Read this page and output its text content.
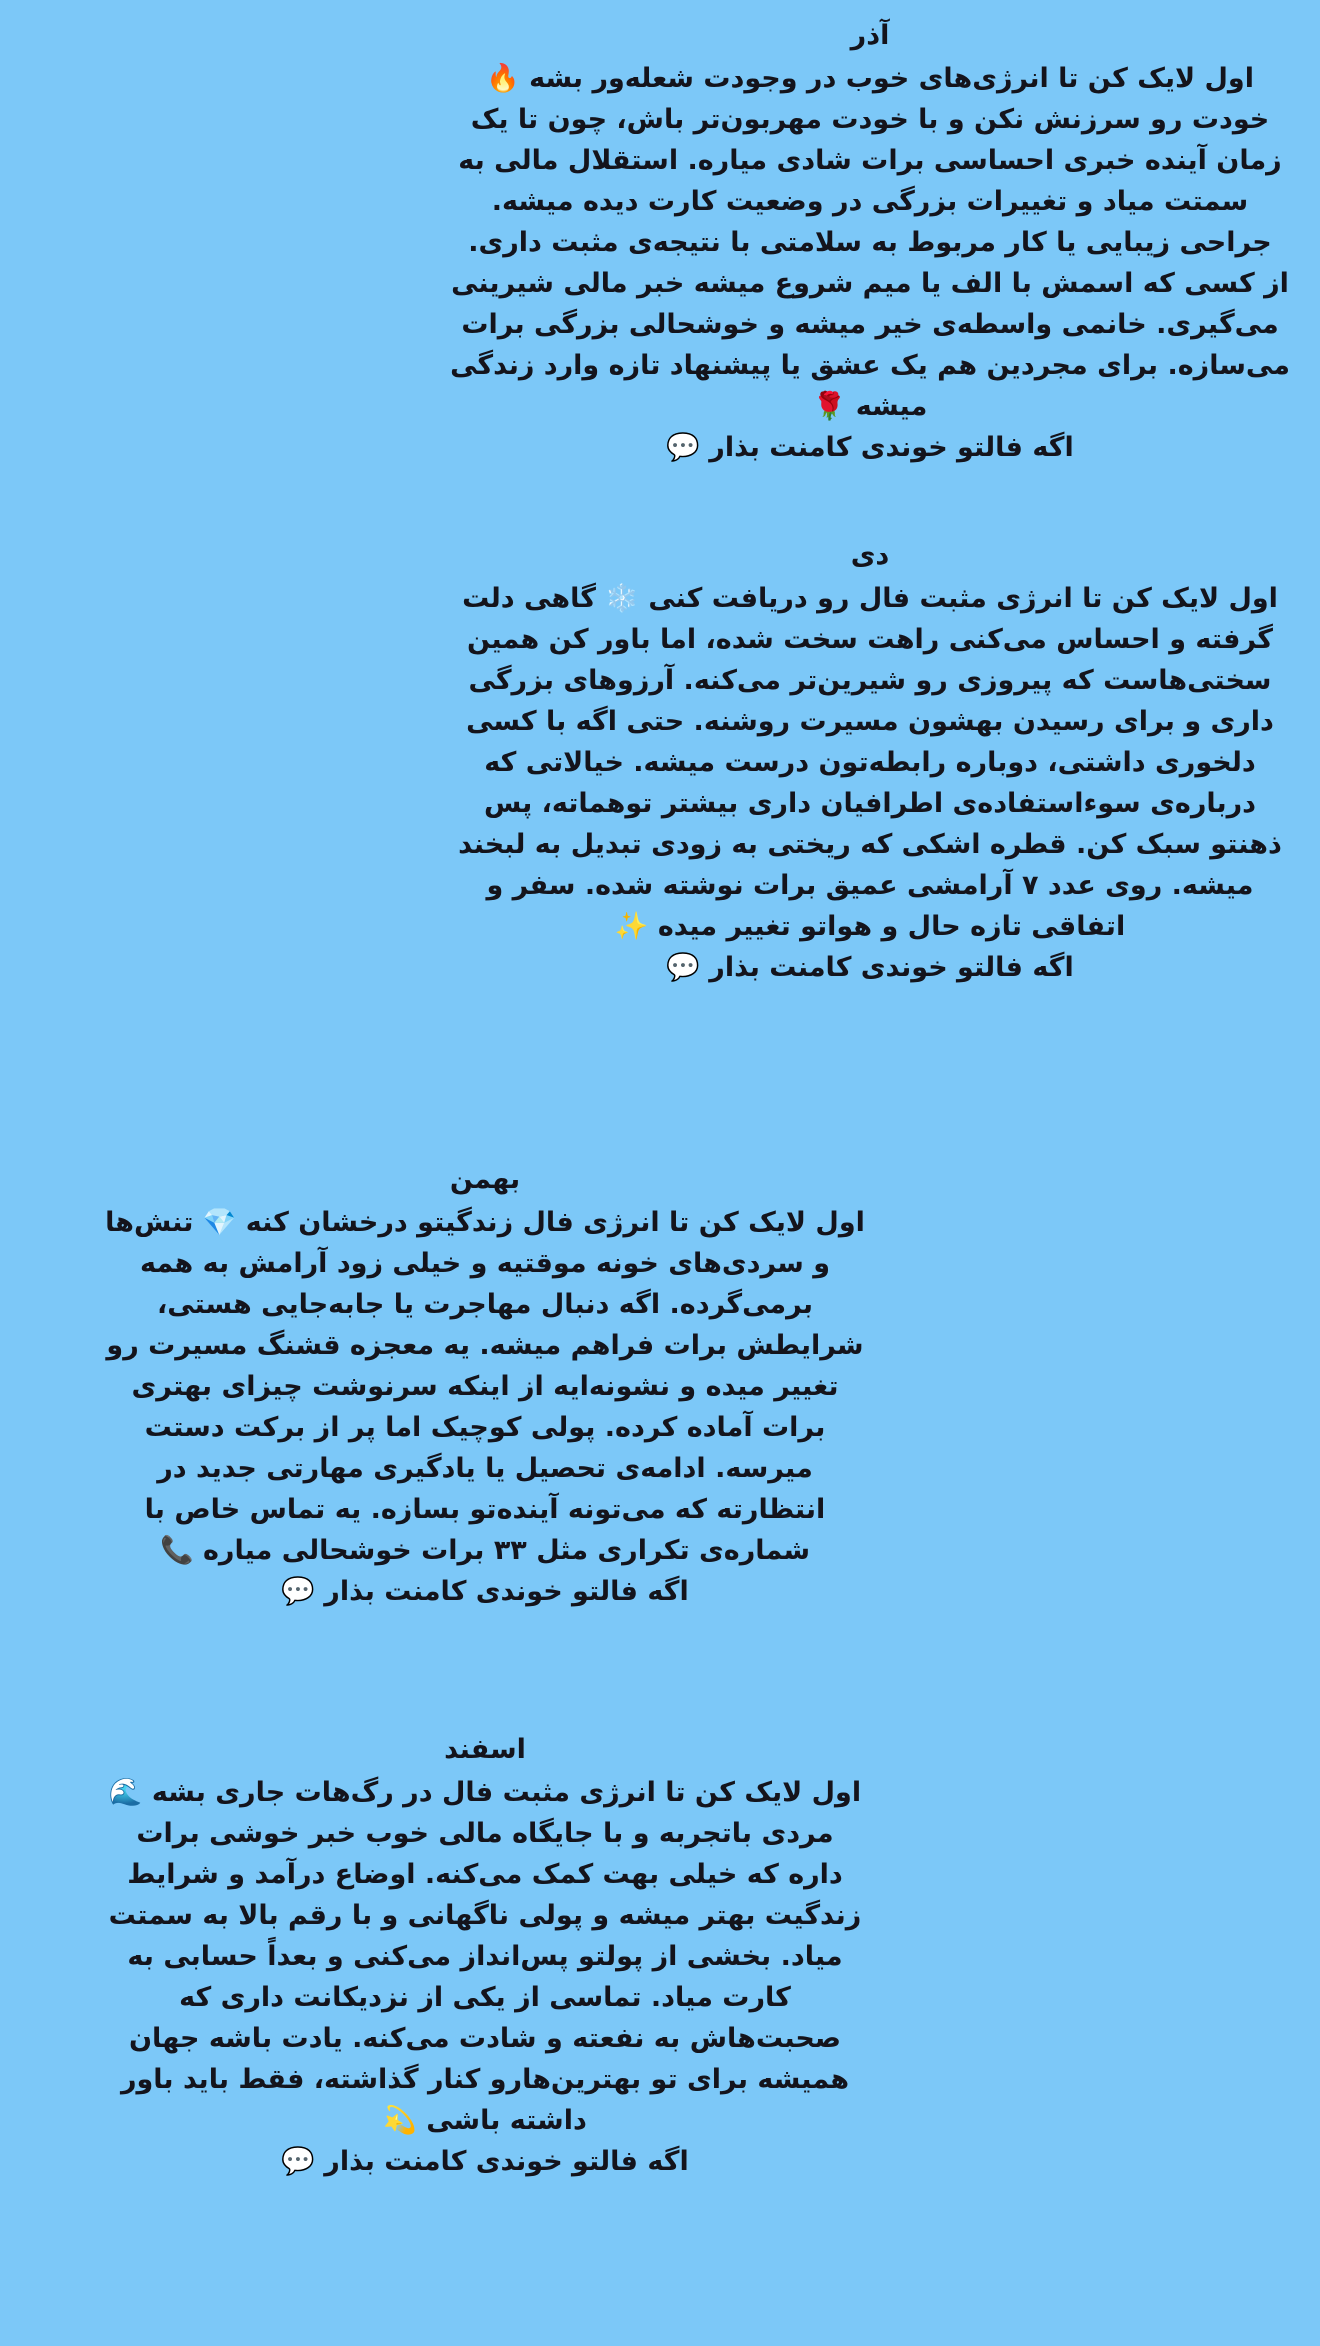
آذر
اول لایک کن تا انرژی‌های خوب در وجودت شعله‌ور بشه 🔥
خودت رو سرزنش نکن و با خودت مهربون‌تر باش، چون تا یک
زمان آینده خبری احساسی برات شادی میاره. استقلال مالی به
سمتت میاد و تغییرات بزرگی در وضعیت کارت دیده میشه.
جراحی زیبایی یا کار مربوط به سلامتی با نتیجه‌ی مثبت داری.
از کسی که اسمش با الف یا میم شروع میشه خبر مالی شیرینی
می‌گیری. خانمی واسطه‌ی خیر میشه و خوشحالی بزرگی برات
می‌سازه. برای مجردین هم یک عشق یا پیشنهاد تازه وارد زندگی
میشه 🌹
اگه فالتو خوندی کامنت بذار 💬
دی
اول لایک کن تا انرژی مثبت فال رو دریافت کنی ❄️ گاهی دلت
گرفته و احساس می‌کنی راهت سخت شده، اما باور کن همین
سختی‌هاست که پیروزی رو شیرین‌تر می‌کنه. آرزوهای بزرگی
داری و برای رسیدن بهشون مسیرت روشنه. حتی اگه با کسی
دلخوری داشتی، دوباره رابطه‌تون درست میشه. خیالاتی که
درباره‌ی سوءاستفاده‌ی اطرافیان داری بیشتر توهماته، پس
ذهنتو سبک کن. قطره اشکی که ریختی به زودی تبدیل به لبخند
میشه. روی عدد ۷ آرامشی عمیق برات نوشته شده. سفر و
اتفاقی تازه حال و هواتو تغییر میده ✨
اگه فالتو خوندی کامنت بذار 💬
بهمن
اول لایک کن تا انرژی فال زندگیتو درخشان کنه 💎 تنش‌ها
و سردی‌های خونه موقتیه و خیلی زود آرامش به همه
برمی‌گرده. اگه دنبال مهاجرت یا جابه‌جایی هستی،
شرایطش برات فراهم میشه. یه معجزه قشنگ مسیرت رو
تغییر میده و نشونه‌ایه از اینکه سرنوشت چیزای بهتری
برات آماده کرده. پولی کوچیک اما پر از برکت دستت
میرسه. ادامه‌ی تحصیل یا یادگیری مهارتی جدید در
انتظارته که می‌تونه آینده‌تو بسازه. یه تماس خاص با
شماره‌ی تکراری مثل ۳۳ برات خوشحالی میاره 📞
اگه فالتو خوندی کامنت بذار 💬
اسفند
اول لایک کن تا انرژی مثبت فال در رگ‌هات جاری بشه 🌊
مردی باتجربه و با جایگاه مالی خوب خبر خوشی برات
داره که خیلی بهت کمک می‌کنه. اوضاع درآمد و شرایط
زندگیت بهتر میشه و پولی ناگهانی و با رقم بالا به سمتت
میاد. بخشی از پولتو پس‌انداز می‌کنی و بعداً حسابی به
کارت میاد. تماسی از یکی از نزدیکانت داری که
صحبت‌هاش به نفعته و شادت می‌کنه. یادت باشه جهان
همیشه برای تو بهترین‌هارو کنار گذاشته، فقط باید باور
داشته باشی 💫
اگه فالتو خوندی کامنت بذار 💬
